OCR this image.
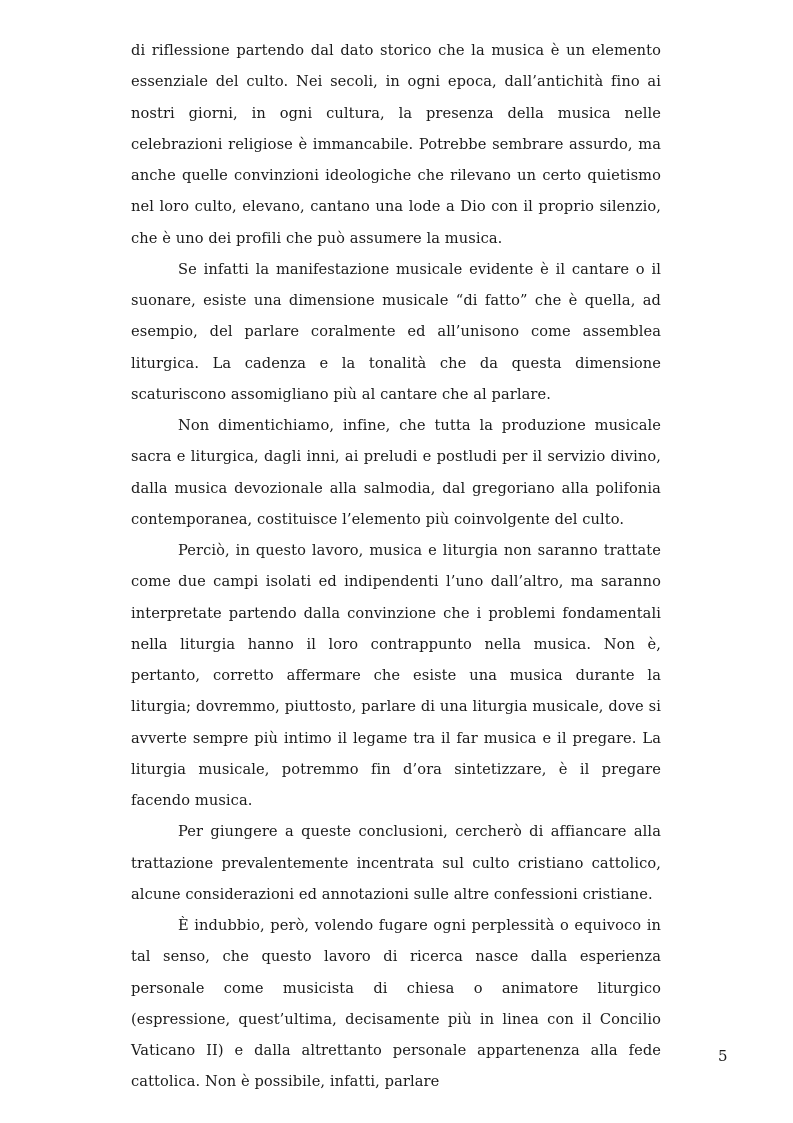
di riflessione partendo dal dato storico che la musica è un elemento essenziale del culto. Nei secoli, in ogni epoca, dall’antichità fino ai nostri giorni, in ogni cultura, la presenza della musica nelle celebrazioni religiose è immancabile. Potrebbe sembrare assurdo, ma anche quelle convinzioni ideologiche che rilevano un certo quietismo nel loro culto, elevano, cantano una lode a Dio con il proprio silenzio, che è uno dei profili che può assumere la musica.

Se infatti la manifestazione musicale evidente è il cantare o il suonare, esiste una dimensione musicale “di fatto” che è quella, ad esempio, del parlare coralmente ed all’unisono come assemblea liturgica. La cadenza e la tonalità che da questa dimensione scaturiscono assomigliano più al cantare che al parlare.

Non dimentichiamo, infine, che tutta la produzione musicale sacra e liturgica, dagli inni, ai preludi e postludi per il servizio divino, dalla musica devozionale alla salmodia, dal gregoriano alla polifonia contemporanea, costituisce l’elemento più coinvolgente del culto.

Perciò, in questo lavoro, musica e liturgia non saranno trattate come due campi isolati ed indipendenti l’uno dall’altro, ma saranno interpretate partendo dalla convinzione che i problemi fondamentali nella liturgia hanno il loro contrappunto nella musica. Non è, pertanto, corretto affermare che esiste una musica durante la liturgia; dovremmo, piuttosto, parlare di una liturgia musicale, dove si avverte sempre più intimo il legame tra il far musica e il pregare. La liturgia musicale, potremmo fin d’ora sintetizzare, è il pregare facendo musica.

Per giungere a queste conclusioni, cercherò di affiancare alla trattazione prevalentemente incentrata sul culto cristiano cattolico, alcune considerazioni ed annotazioni sulle altre confessioni cristiane.

È indubbio, però, volendo fugare ogni perplessità o equivoco in tal senso, che questo lavoro di ricerca nasce dalla esperienza personale come musicista di chiesa o animatore liturgico (espressione, quest’ultima, decisamente più in linea con il Concilio Vaticano II) e dalla altrettanto personale appartenenza alla fede cattolica. Non è possibile, infatti, parlare

5
